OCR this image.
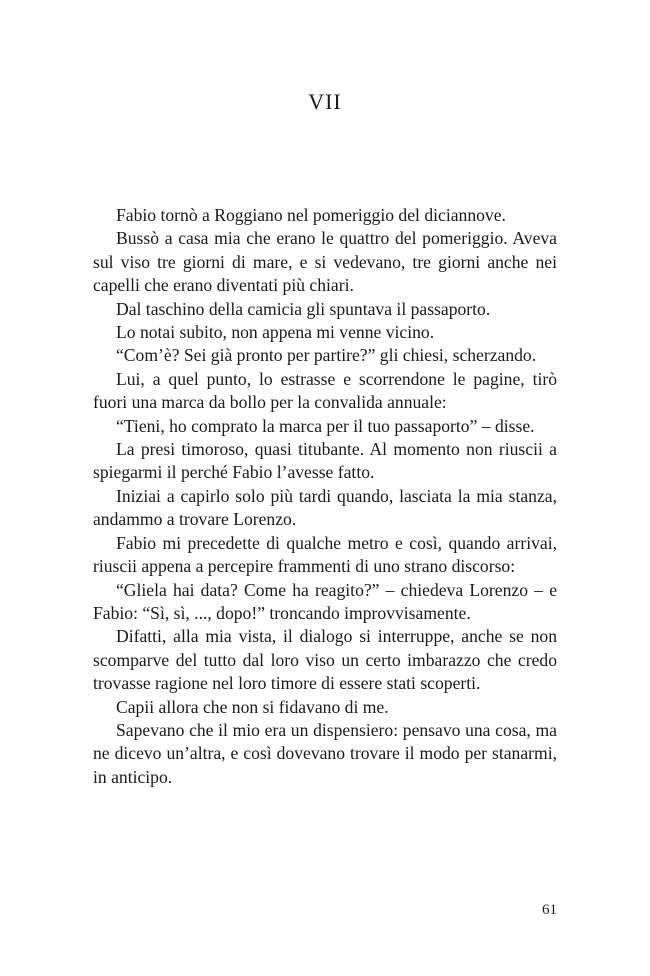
VII

Fabio tornò a Roggiano nel pomeriggio del diciannove.

Bussò a casa mia che erano le quattro del pomeriggio. Aveva sul viso tre giorni di mare, e si vedevano, tre giorni anche nei capelli che erano diventati più chiari.

Dal taschino della camicia gli spuntava il passaporto.

Lo notai subito, non appena mi venne vicino.

“Com’è? Sei già pronto per partire?” gli chiesi, scherzando.

Lui, a quel punto, lo estrasse e scorrendone le pagine, tirò fuori una marca da bollo per la convalida annuale:

“Tieni, ho comprato la marca per il tuo passaporto” – disse.

La presi timoroso, quasi titubante. Al momento non riuscii a spiegarmi il perché Fabio l’avesse fatto.

Iniziai a capirlo solo più tardi quando, lasciata la mia stanza, andammo a trovare Lorenzo.

Fabio mi precedette di qualche metro e così, quando arrivai, riuscii appena a percepire frammenti di uno strano discorso:

“Gliela hai data? Come ha reagito?” – chiedeva Lorenzo – e Fabio: “Sì, sì, ..., dopo!” troncando improvvisamente.

Difatti, alla mia vista, il dialogo si interruppe, anche se non scomparve del tutto dal loro viso un certo imbarazzo che credo trovasse ragione nel loro timore di essere stati scoperti.

Capii allora che non si fidavano di me.

Sapevano che il mio era un dispensiero: pensavo una cosa, ma ne dicevo un’altra, e così dovevano trovare il modo per stanarmi, in anticipo.

61
